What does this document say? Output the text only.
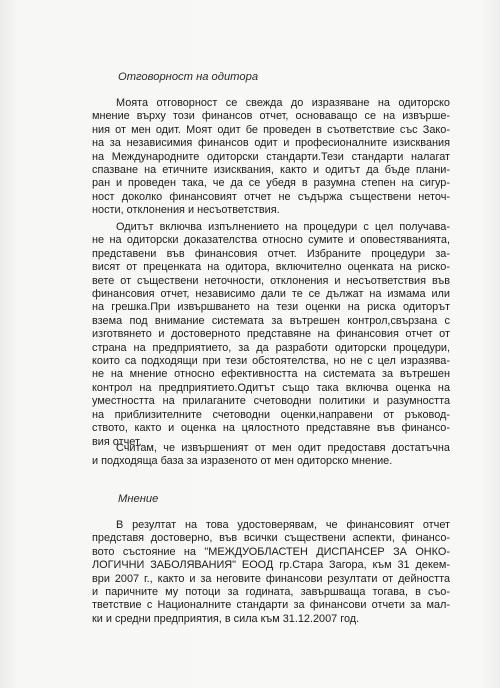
Отговорност на одитора
Моята отговорност се свежда до изразяване на одиторско
мнение върху този финансов отчет, основаващо се на извърше-
ния от мен одит. Моят одит бе проведен в съответствие със Зако-
на за независимия финансов одит и професионалните изисквания
на Международните одиторски стандарти.Тези стандарти налагат
спазване на етичните изисквания, както и одитът да бъде плани-
ран и проведен така, че да се убедя в разумна степен на сигур-
ност доколко финансовият отчет не съдържа съществени неточ-
ности, отклонения и несъответствия.
Одитът включва изпълнението на процедури с цел получава-
не на одиторски доказателства относно сумите и оповестяванията,
представени във финансовия отчет. Избраните процедури за-
висят от преценката на одитора, включително оценката на риско-
вете от съществени неточности, отклонения и несъответствия във
финансовия отчет, независимо дали те се дължат на измама или
на грешка.При извършването на тези оценки на риска одиторът
взема под внимание системата за вътрешен контрол,свързана с
изготвянето и достоверното представяне на финансовия отчет от
страна на предприятието, за да разработи одиторски процедури,
които са подходящи при тези обстоятелства, но не с цел изразява-
не на мнение относно ефективността на системата за вътрешен
контрол на предприятието.Одитът също така включва оценка на
уместността на прилаганите счетоводни политики и разумността
на приблизителните счетоводни оценки,направени от ръковод-
ството, както и оценка на цялостното представяне във финансо-
вия отчет.
Считам, че извършеният от мен одит предоставя достатъчна
и подходяща база за изразеното от мен одиторско мнение.
Мнение
В резултат на това удостоверявам, че финансовият отчет
представя достоверно, във всички съществени аспекти, финансо-
вото състояние на "МЕЖДУОБЛАСТЕН ДИСПАНСЕР ЗА ОНКО-
ЛОГИЧНИ ЗАБОЛЯВАНИЯ" ЕООД гр.Стара Загора, към 31 декем-
ври 2007 г., както и за неговите финансови резултати от дейността
и паричните му потоци за годината, завършваща тогава, в съо-
тветствие с Националните стандарти за финансови отчети за мал-
ки и средни предприятия, в сила към 31.12.2007 год.
